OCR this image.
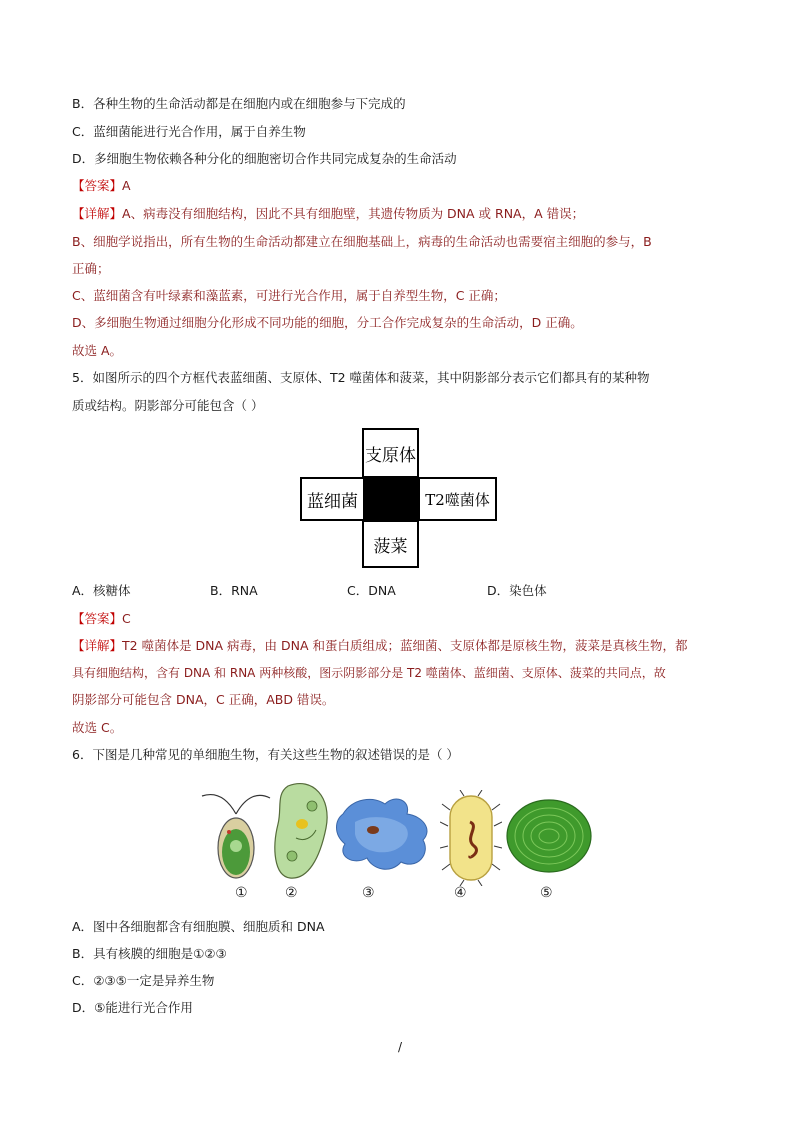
B．各种生物的生命活动都是在细胞内或在细胞参与下完成的
C．蓝细菌能进行光合作用，属于自养生物
D．多细胞生物依赖各种分化的细胞密切合作共同完成复杂的生命活动
【答案】A
【详解】A、病毒没有细胞结构，因此不具有细胞壁，其遗传物质为 DNA 或 RNA，A 错误；
B、细胞学说指出，所有生物的生命活动都建立在细胞基础上，病毒的生命活动也需要宿主细胞的参与，B
正确；
C、蓝细菌含有叶绿素和藻蓝素，可进行光合作用，属于自养型生物，C 正确；
D、多细胞生物通过细胞分化形成不同功能的细胞，分工合作完成复杂的生命活动，D 正确。
故选 A。
5．如图所示的四个方框代表蓝细菌、支原体、T2 噬菌体和菠菜，其中阴影部分表示它们都具有的某种物
质或结构。阴影部分可能包含（ ）
支原体
蓝细菌	T2噬菌体
菠菜
A．核糖体	B．RNA	C．DNA	D．染色体
【答案】C
【详解】T2 噬菌体是 DNA 病毒，由 DNA 和蛋白质组成；蓝细菌、支原体都是原核生物，菠菜是真核生物，都
具有细胞结构，含有 DNA 和 RNA 两种核酸，图示阴影部分是 T2 噬菌体、蓝细菌、支原体、菠菜的共同点，故
阴影部分可能包含 DNA，C 正确，ABD 错误。
故选 C。
6．下图是几种常见的单细胞生物，有关这些生物的叙述错误的是（ ）
①	②	③	④	⑤
A．图中各细胞都含有细胞膜、细胞质和 DNA
B．具有核膜的细胞是①②③
C．②③⑤一定是异养生物
D．⑤能进行光合作用
/
